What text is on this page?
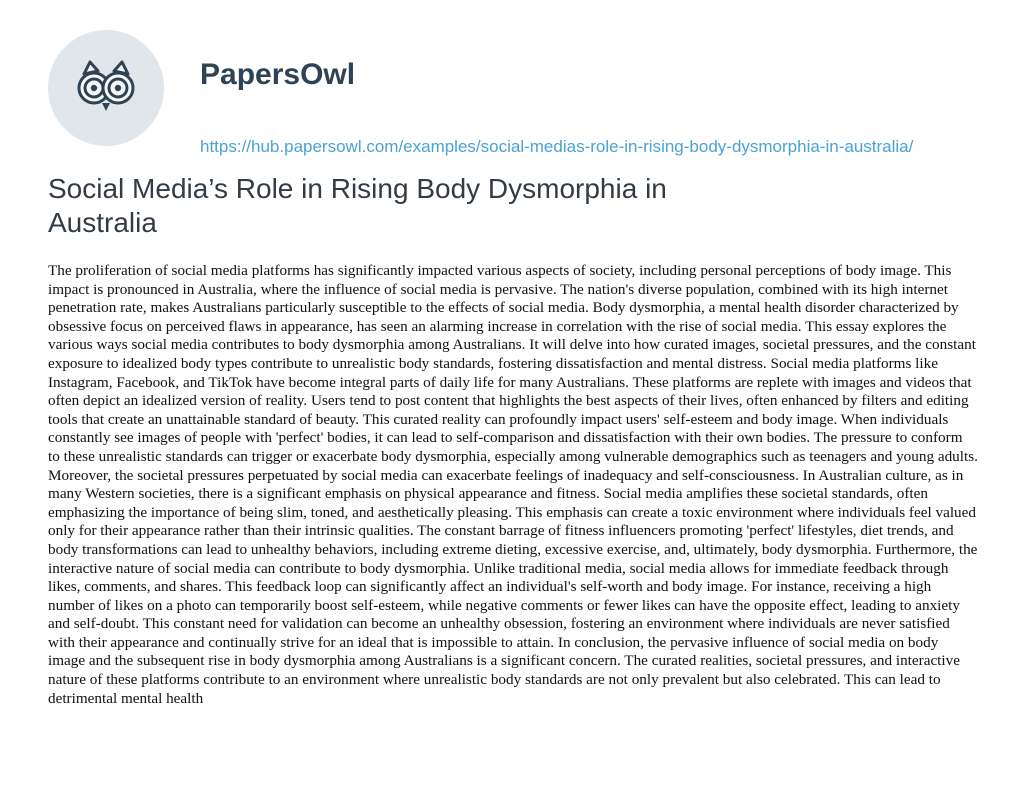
PapersOwl
https://hub.papersowl.com/examples/social-medias-role-in-rising-body-dysmorphia-in-australia/
Social Media’s Role in Rising Body Dysmorphia in Australia

The proliferation of social media platforms has significantly impacted various aspects of society, including personal perceptions of body image. This impact is pronounced in Australia, where the influence of social media is pervasive. The nation's diverse population, combined with its high internet penetration rate, makes Australians particularly susceptible to the effects of social media. Body dysmorphia, a mental health disorder characterized by obsessive focus on perceived flaws in appearance, has seen an alarming increase in correlation with the rise of social media. This essay explores the various ways social media contributes to body dysmorphia among Australians. It will delve into how curated images, societal pressures, and the constant exposure to idealized body types contribute to unrealistic body standards, fostering dissatisfaction and mental distress. Social media platforms like Instagram, Facebook, and TikTok have become integral parts of daily life for many Australians. These platforms are replete with images and videos that often depict an idealized version of reality. Users tend to post content that highlights the best aspects of their lives, often enhanced by filters and editing tools that create an unattainable standard of beauty. This curated reality can profoundly impact users' self-esteem and body image. When individuals constantly see images of people with 'perfect' bodies, it can lead to self-comparison and dissatisfaction with their own bodies. The pressure to conform to these unrealistic standards can trigger or exacerbate body dysmorphia, especially among vulnerable demographics such as teenagers and young adults. Moreover, the societal pressures perpetuated by social media can exacerbate feelings of inadequacy and self-consciousness. In Australian culture, as in many Western societies, there is a significant emphasis on physical appearance and fitness. Social media amplifies these societal standards, often emphasizing the importance of being slim, toned, and aesthetically pleasing. This emphasis can create a toxic environment where individuals feel valued only for their appearance rather than their intrinsic qualities. The constant barrage of fitness influencers promoting 'perfect' lifestyles, diet trends, and body transformations can lead to unhealthy behaviors, including extreme dieting, excessive exercise, and, ultimately, body dysmorphia. Furthermore, the interactive nature of social media can contribute to body dysmorphia. Unlike traditional media, social media allows for immediate feedback through likes, comments, and shares. This feedback loop can significantly affect an individual's self-worth and body image. For instance, receiving a high number of likes on a photo can temporarily boost self-esteem, while negative comments or fewer likes can have the opposite effect, leading to anxiety and self-doubt. This constant need for validation can become an unhealthy obsession, fostering an environment where individuals are never satisfied with their appearance and continually strive for an ideal that is impossible to attain. In conclusion, the pervasive influence of social media on body image and the subsequent rise in body dysmorphia among Australians is a significant concern. The curated realities, societal pressures, and interactive nature of these platforms contribute to an environment where unrealistic body standards are not only prevalent but also celebrated. This can lead to detrimental mental health
